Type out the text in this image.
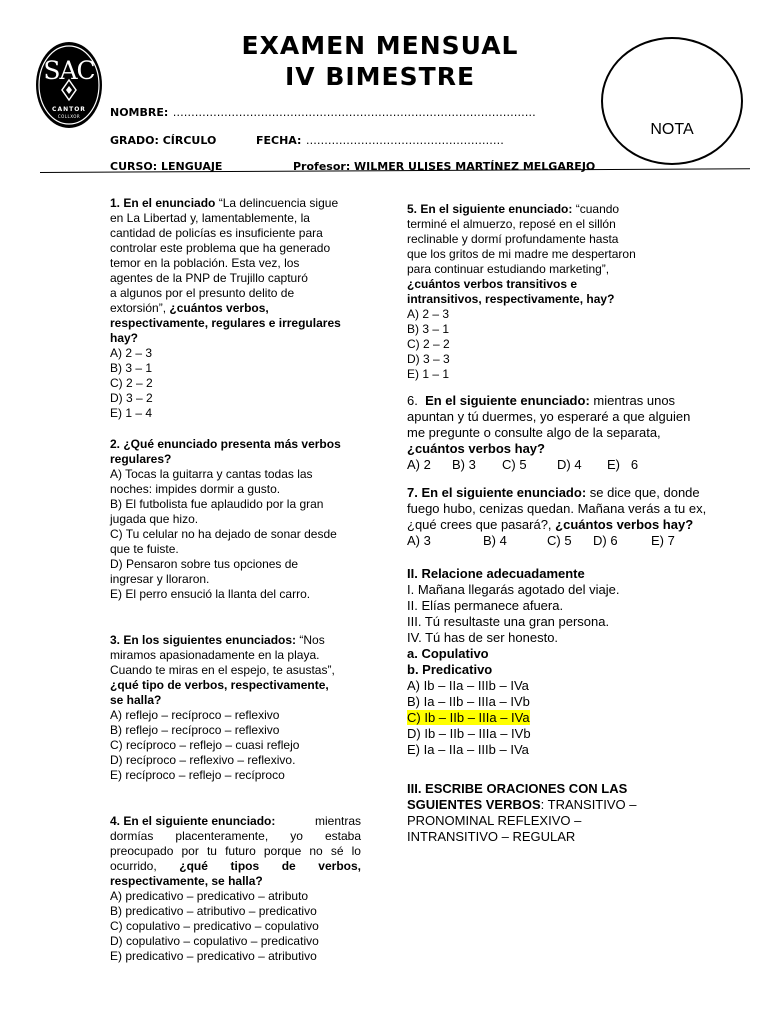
SAC
CANTOR
COLLXOR
EXAMEN MENSUAL
IV BIMESTRE
NOTA
NOMBRE: ………………………………………………………………………………………
GRADO: CÍRCULO	FECHA: ………………………………………………
CURSO: LENGUAJE	Profesor: WILMER ULISES MARTÍNEZ MELGAREJO
1. En el enunciado “La delincuencia sigue
en La Libertad y, lamentablemente, la
cantidad de policías es insuficiente para
controlar este problema que ha generado
temor en la población. Esta vez, los
agentes de la PNP de Trujillo capturó
a algunos por el presunto delito de
extorsión”, ¿cuántos verbos,
respectivamente, regulares e irregulares
hay?
A) 2 – 3
B) 3 – 1
C) 2 – 2
D) 3 – 2
E) 1 – 4
2. ¿Qué enunciado presenta más verbos
regulares?
A) Tocas la guitarra y cantas todas las
noches: impides dormir a gusto.
B) El futbolista fue aplaudido por la gran
jugada que hizo.
C) Tu celular no ha dejado de sonar desde
que te fuiste.
D) Pensaron sobre tus opciones de
ingresar y lloraron.
E) El perro ensució la llanta del carro.
3. En los siguientes enunciados: “Nos
miramos apasionadamente en la playa.
Cuando te miras en el espejo, te asustas”,
¿qué tipo de verbos, respectivamente,
se halla?
A) reflejo – recíproco – reflexivo
B) reflejo – recíproco – reflexivo
C) recíproco – reflejo – cuasi reflejo
D) recíproco – reflexivo – reflexivo.
E) recíproco – reflejo – recíproco
4. En el siguiente enunciado:	mientras
dormías placenteramente, yo estaba
preocupado por tu futuro porque no sé lo
ocurrido, ¿qué tipos de verbos,
respectivamente, se halla?
A) predicativo – predicativo – atributo
B) predicativo – atributivo – predicativo
C) copulativo – predicativo – copulativo
D) copulativo – copulativo – predicativo
E) predicativo – predicativo – atributivo
5. En el siguiente enunciado: “cuando
terminé el almuerzo, reposé en el sillón
reclinable y dormí profundamente hasta
que los gritos de mi madre me despertaron
para continuar estudiando marketing”,
¿cuántos verbos transitivos e
intransitivos, respectivamente, hay?
A) 2 – 3
B) 3 – 1
C) 2 – 2
D) 3 – 3
E) 1 – 1
6. En el siguiente enunciado: mientras unos
apuntan y tú duermes, yo esperaré a que alguien
me pregunte o consulte algo de la separata,
¿cuántos verbos hay?
A) 2 B) 3 C) 5 D) 4 E)   6
7. En el siguiente enunciado: se dice que, donde
fuego hubo, cenizas quedan. Mañana verás a tu ex,
¿qué crees que pasará?, ¿cuántos verbos hay?
A) 3	B) 4	C) 5 D) 6	E) 7
II. Relacione adecuadamente
I. Mañana llegarás agotado del viaje.
II. Elías permanece afuera.
III. Tú resultaste una gran persona.
IV. Tú has de ser honesto.
a. Copulativo
b. Predicativo
A) Ib – IIa – IIIb – IVa
B) Ia – IIb – IIIa – IVb
C) Ib – IIb – IIIa – IVa
D) Ib – IIb – IIIa – IVb
E) Ia – IIa – IIIb – IVa
III. ESCRIBE ORACIONES CON LAS
SGUIENTES VERBOS: TRANSITIVO –
PRONOMINAL REFLEXIVO –
INTRANSITIVO – REGULAR
